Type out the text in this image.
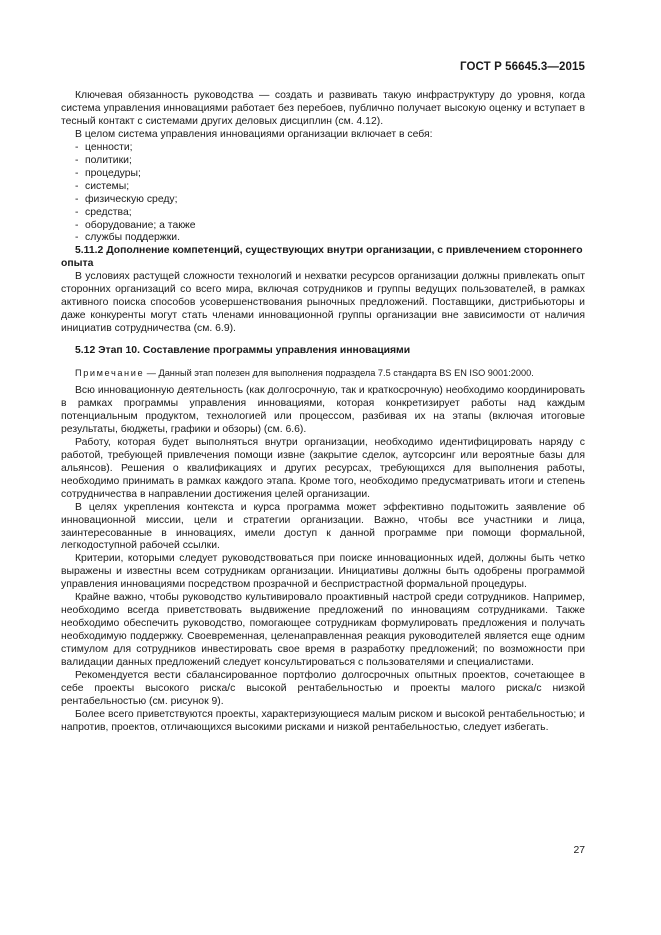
ГОСТ Р 56645.3—2015

Ключевая обязанность руководства — создать и развивать такую инфраструктуру до уровня, когда система управления инновациями работает без перебоев, публично получает высокую оценку и вступает в тесный контакт с системами других деловых дисциплин (см. 4.12).

В целом система управления инновациями организации включает в себя:

- ценности;
- политики;
- процедуры;
- системы;
- физическую среду;
- средства;
- оборудование; а также
- службы поддержки.

5.11.2 Дополнение компетенций, существующих внутри организации, с привлечением стороннего опыта

В условиях растущей сложности технологий и нехватки ресурсов организации должны привлекать опыт сторонних организаций со всего мира, включая сотрудников и группы ведущих пользователей, в рамках активного поиска способов усовершенствования рыночных предложений. Поставщики, дистрибьюторы и даже конкуренты могут стать членами инновационной группы организации вне зависимости от наличия инициатив сотрудничества (см. 6.9).

5.12 Этап 10. Составление программы управления инновациями

Примечание — Данный этап полезен для выполнения подраздела 7.5 стандарта BS EN ISO 9001:2000.

Всю инновационную деятельность (как долгосрочную, так и краткосрочную) необходимо координировать в рамках программы управления инновациями, которая конкретизирует работы над каждым потенциальным продуктом, технологией или процессом, разбивая их на этапы (включая итоговые результаты, бюджеты, графики и обзоры) (см. 6.6).

Работу, которая будет выполняться внутри организации, необходимо идентифицировать наряду с работой, требующей привлечения помощи извне (закрытие сделок, аутсорсинг или вероятные базы для альянсов). Решения о квалификациях и других ресурсах, требующихся для выполнения работы, необходимо принимать в рамках каждого этапа. Кроме того, необходимо предусматривать итоги и степень сотрудничества в направлении достижения целей организации.

В целях укрепления контекста и курса программа может эффективно подытожить заявление об инновационной миссии, цели и стратегии организации. Важно, чтобы все участники и лица, заинтересованные в инновациях, имели доступ к данной программе при помощи формальной, легкодоступной рабочей ссылки.

Критерии, которыми следует руководствоваться при поиске инновационных идей, должны быть четко выражены и известны всем сотрудникам организации. Инициативы должны быть одобрены программой управления инновациями посредством прозрачной и беспристрастной формальной процедуры.

Крайне важно, чтобы руководство культивировало проактивный настрой среди сотрудников. Например, необходимо всегда приветствовать выдвижение предложений по инновациям сотрудниками. Также необходимо обеспечить руководство, помогающее сотрудникам формулировать предложения и получать необходимую поддержку. Своевременная, целенаправленная реакция руководителей является еще одним стимулом для сотрудников инвестировать свое время в разработку предложений; по возможности при валидации данных предложений следует консультироваться с пользователями и специалистами.

Рекомендуется вести сбалансированное портфолио долгосрочных опытных проектов, сочетающее в себе проекты высокого риска/с высокой рентабельностью и проекты малого риска/с низкой рентабельностью (см. рисунок 9).

Более всего приветствуются проекты, характеризующиеся малым риском и высокой рентабельностью; и напротив, проектов, отличающихся высокими рисками и низкой рентабельностью, следует избегать.

27
